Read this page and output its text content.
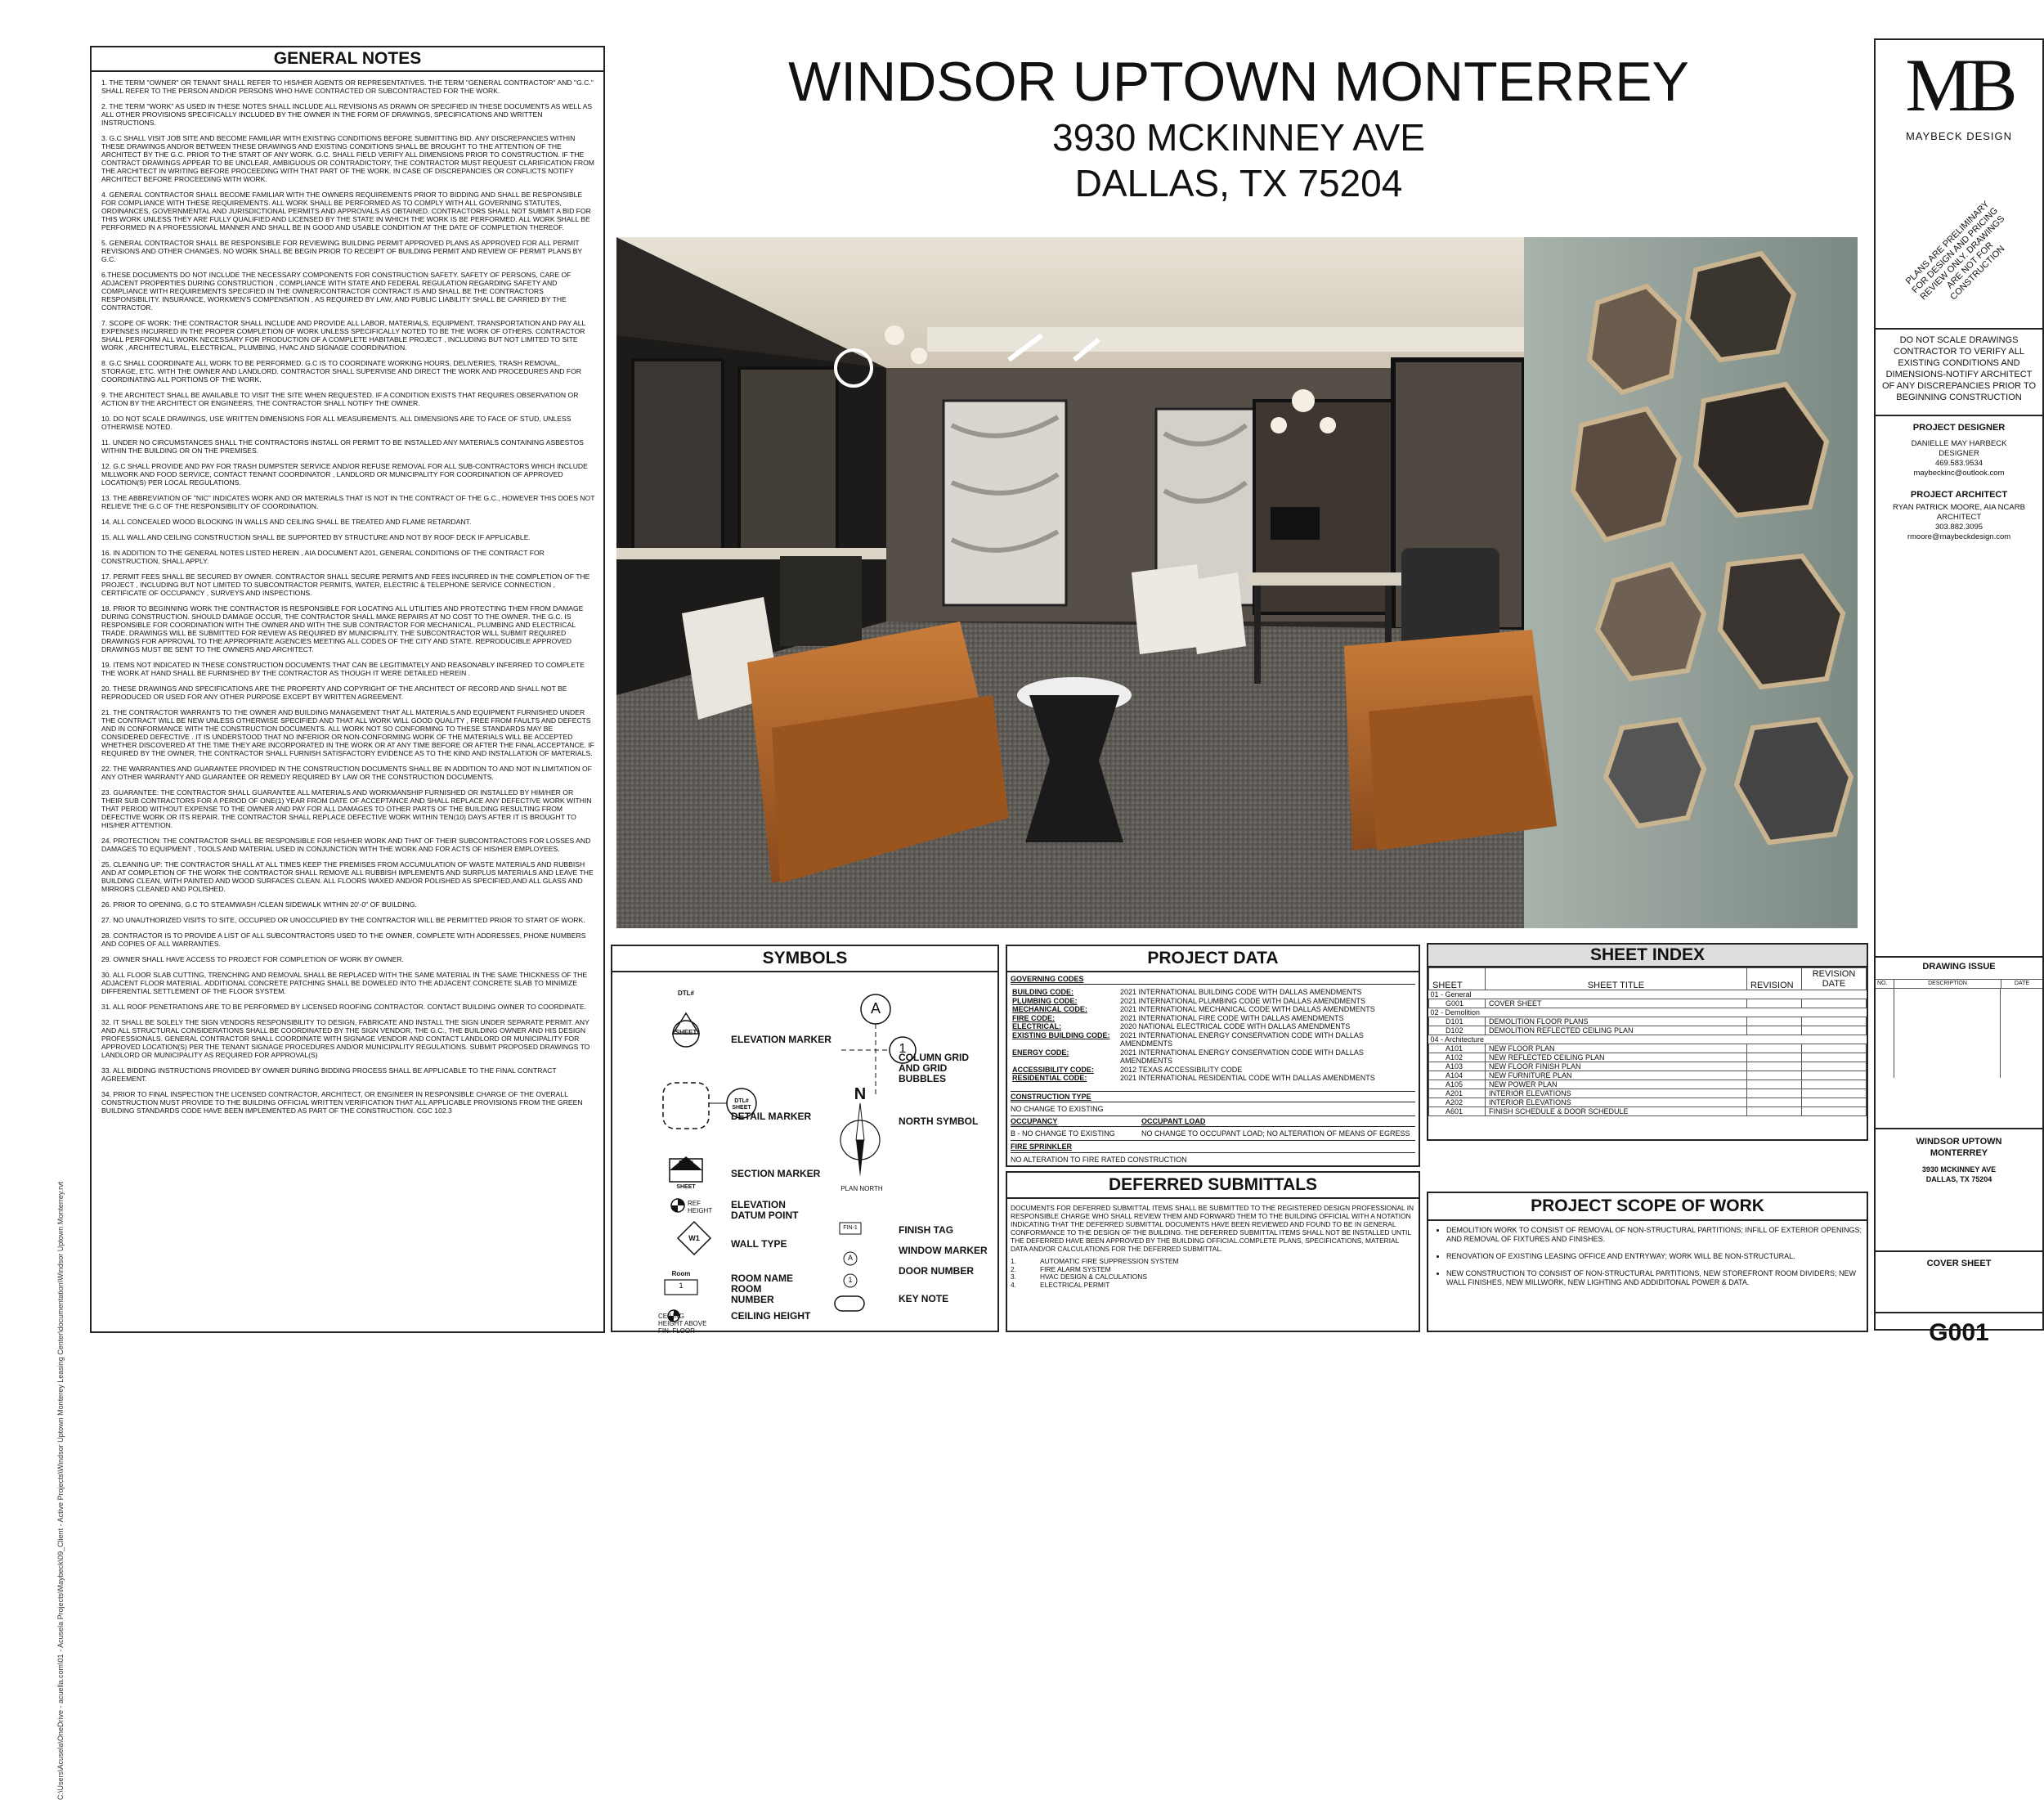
C:\Users\Acusela\OneDrive - acuella.com\01 - Acusela Projects\Maybeck\09_Client - Active Projects\Windsor Uptown Monterey Leasing Center\documentation\Windsor Uptown Monterrey.rvt
GENERAL NOTES

1. THE TERM "OWNER" OR TENANT SHALL REFER TO HIS/HER AGENTS OR REPRESENTATIVES. THE TERM "GENERAL CONTRACTOR" AND "G.C." SHALL REFER TO THE PERSON AND/OR PERSONS WHO HAVE CONTRACTED OR SUBCONTRACTED FOR THE WORK.

2. THE TERM "WORK" AS USED IN THESE NOTES SHALL INCLUDE ALL REVISIONS AS DRAWN OR SPECIFIED IN THESE DOCUMENTS AS WELL AS ALL OTHER PROVISIONS SPECIFICALLY INCLUDED BY THE OWNER IN THE FORM OF DRAWINGS, SPECIFICATIONS AND WRITTEN INSTRUCTIONS.

3. G.C SHALL VISIT JOB SITE AND BECOME FAMILIAR WITH EXISTING CONDITIONS BEFORE SUBMITTING BID. ANY DISCREPANCIES WITHIN THESE DRAWINGS AND/OR BETWEEN THESE DRAWINGS AND EXISTING CONDITIONS SHALL BE BROUGHT TO THE ATTENTION OF THE ARCHITECT BY THE G.C. PRIOR TO THE START OF ANY WORK. G.C. SHALL FIELD VERIFY ALL DIMENSIONS PRIOR TO CONSTRUCTION. IF THE CONTRACT DRAWINGS APPEAR TO BE UNCLEAR, AMBIGUOUS OR CONTRADICTORY, THE CONTRACTOR MUST REQUEST CLARIFICATION FROM THE ARCHITECT IN WRITING BEFORE PROCEEDING WITH THAT PART OF THE WORK. IN CASE OF DISCREPANCIES OR CONFLICTS NOTIFY ARCHITECT BEFORE PROCEEDING WITH WORK.

4. GENERAL CONTRACTOR SHALL BECOME FAMILIAR WITH THE OWNERS REQUIREMENTS PRIOR TO BIDDING AND SHALL BE RESPONSIBLE FOR COMPLIANCE WITH THESE REQUIREMENTS. ALL WORK SHALL BE PERFORMED AS TO COMPLY WITH ALL GOVERNING STATUTES, ORDINANCES, GOVERNMENTAL AND JURISDICTIONAL PERMITS AND APPROVALS AS OBTAINED. CONTRACTORS SHALL NOT SUBMIT A BID FOR THIS WORK UNLESS THEY ARE FULLY QUALIFIED AND LICENSED BY THE STATE IN WHICH THE WORK IS BE PERFORMED. ALL WORK SHALL BE PERFORMED IN A PROFESSIONAL MANNER AND SHALL BE IN GOOD AND USABLE CONDITION AT THE DATE OF COMPLETION THEREOF.

5. GENERAL CONTRACTOR SHALL BE RESPONSIBLE FOR REVIEWING BUILDING PERMIT APPROVED PLANS AS APPROVED FOR ALL PERMIT REVISIONS AND OTHER CHANGES. NO WORK SHALL BE BEGIN PRIOR TO RECEIPT OF BUILDING PERMIT AND REVIEW OF PERMIT PLANS BY G.C.

6.THESE DOCUMENTS DO NOT INCLUDE THE NECESSARY COMPONENTS FOR CONSTRUCTION SAFETY. SAFETY OF PERSONS, CARE OF ADJACENT PROPERTIES DURING CONSTRUCTION , COMPLIANCE WITH STATE AND FEDERAL REGULATION REGARDING SAFETY AND COMPLIANCE WITH REQUIREMENTS SPECIFIED IN THE OWNER/CONTRACTOR CONTRACT IS AND SHALL BE THE CONTRACTORS RESPONSIBILITY. INSURANCE, WORKMEN'S COMPENSATION , AS REQUIRED BY LAW, AND PUBLIC LIABILITY SHALL BE CARRIED BY THE CONTRACTOR.

7. SCOPE OF WORK: THE CONTRACTOR SHALL INCLUDE AND PROVIDE ALL LABOR, MATERIALS, EQUIPMENT, TRANSPORTATION AND PAY ALL EXPENSES INCURRED IN THE PROPER COMPLETION OF WORK UNLESS SPECIFICALLY NOTED TO BE THE WORK OF OTHERS. CONTRACTOR SHALL PERFORM ALL WORK NECESSARY FOR PRODUCTION OF A COMPLETE HABITABLE PROJECT , INCLUDING BUT NOT LIMITED TO SITE WORK , ARCHITECTURAL, ELECTRICAL, PLUMBING, HVAC AND SIGNAGE COORDINATION.

8. G.C SHALL COORDINATE ALL WORK TO BE PERFORMED. G.C IS TO COORDINATE WORKING HOURS, DELIVERIES, TRASH REMOVAL, STORAGE, ETC. WITH THE OWNER AND LANDLORD. CONTRACTOR SHALL SUPERVISE AND DIRECT THE WORK AND PROCEDURES AND FOR COORDINATING ALL PORTIONS OF THE WORK.

9. THE ARCHITECT SHALL BE AVAILABLE TO VISIT THE SITE WHEN REQUESTED. IF A CONDITION EXISTS THAT REQUIRES OBSERVATION OR ACTION BY THE ARCHITECT OR ENGINEERS, THE CONTRACTOR SHALL NOTIFY THE OWNER.

10. DO NOT SCALE DRAWINGS, USE WRITTEN DIMENSIONS FOR ALL MEASUREMENTS. ALL DIMENSIONS ARE TO FACE OF STUD, UNLESS OTHERWISE NOTED.

11. UNDER NO CIRCUMSTANCES SHALL THE CONTRACTORS INSTALL OR PERMIT TO BE INSTALLED ANY MATERIALS CONTAINING ASBESTOS WITHIN THE BUILDING OR ON THE PREMISES.

12. G.C SHALL PROVIDE AND PAY FOR TRASH DUMPSTER SERVICE AND/OR REFUSE REMOVAL FOR ALL SUB-CONTRACTORS WHICH INCLUDE MILLWORK AND FOOD SERVICE, CONTACT TENANT COORDINATOR , LANDLORD OR MUNICIPALITY FOR COORDINATION OF APPROVED LOCATION(S) PER LOCAL REGULATIONS.

13. THE ABBREVIATION OF "NIC" INDICATES WORK AND OR MATERIALS THAT IS NOT IN THE CONTRACT OF THE G.C., HOWEVER THIS DOES NOT RELIEVE THE G.C OF THE RESPONSIBILITY OF COORDINATION.

14. ALL CONCEALED WOOD BLOCKING IN WALLS AND CEILING SHALL BE TREATED AND FLAME RETARDANT.

15. ALL WALL AND CEILING CONSTRUCTION SHALL BE SUPPORTED BY STRUCTURE AND NOT BY ROOF DECK IF APPLICABLE.

16. IN ADDITION TO THE GENERAL NOTES LISTED HEREIN , AIA DOCUMENT A201, GENERAL CONDITIONS OF THE CONTRACT FOR CONSTRUCTION, SHALL APPLY.

17. PERMIT FEES SHALL BE SECURED BY OWNER. CONTRACTOR SHALL SECURE PERMITS AND FEES INCURRED IN THE COMPLETION OF THE PROJECT , INCLUDING BUT NOT LIMITED TO SUBCONTRACTOR PERMITS, WATER, ELECTRIC & TELEPHONE SERVICE CONNECTION , CERTIFICATE OF OCCUPANCY , SURVEYS AND INSPECTIONS.

18. PRIOR TO BEGINNING WORK THE CONTRACTOR IS RESPONSIBLE FOR LOCATING ALL UTILITIES AND PROTECTING THEM FROM DAMAGE DURING CONSTRUCTION. SHOULD DAMAGE OCCUR, THE CONTRACTOR SHALL MAKE REPAIRS AT NO COST TO THE OWNER. THE G.C. IS RESPONSIBLE FOR COORDINATION WITH THE OWNER AND WITH THE SUB CONTRACTOR FOR MECHANICAL, PLUMBING AND ELECTRICAL TRADE. DRAWINGS WILL BE SUBMITTED FOR REVIEW AS REQUIRED BY MUNICIPALITY. THE SUBCONTRACTOR WILL SUBMIT REQUIRED DRAWINGS FOR APPROVAL TO THE APPROPRIATE AGENCIES MEETING ALL CODES OF THE CITY AND STATE. REPRODUCIBLE APPROVED DRAWINGS MUST BE SENT TO THE OWNERS AND ARCHITECT.

19. ITEMS NOT INDICATED IN THESE CONSTRUCTION DOCUMENTS THAT CAN BE LEGITIMATELY AND REASONABLY INFERRED TO COMPLETE THE WORK AT HAND SHALL BE FURNISHED BY THE CONTRACTOR AS THOUGH IT WERE DETAILED HEREIN .

20. THESE DRAWINGS AND SPECIFICATIONS ARE THE PROPERTY AND COPYRIGHT OF THE ARCHITECT OF RECORD AND SHALL NOT BE REPRODUCED OR USED FOR ANY OTHER PURPOSE EXCEPT BY WRITTEN AGREEMENT.

21. THE CONTRACTOR WARRANTS TO THE OWNER AND BUILDING MANAGEMENT THAT ALL MATERIALS AND EQUIPMENT FURNISHED UNDER THE CONTRACT WILL BE NEW UNLESS OTHERWISE SPECIFIED AND THAT ALL WORK WILL GOOD QUALITY , FREE FROM FAULTS AND DEFECTS AND IN CONFORMANCE WITH THE CONSTRUCTION DOCUMENTS. ALL WORK NOT SO CONFORMING TO THESE STANDARDS MAY BE CONSIDERED DEFECTIVE . IT IS UNDERSTOOD THAT NO INFERIOR OR NON-CONFORMING WORK OF THE MATERIALS WILL BE ACCEPTED WHETHER DISCOVERED AT THE TIME THEY ARE INCORPORATED IN THE WORK OR AT ANY TIME BEFORE OR AFTER THE FINAL ACCEPTANCE. IF REQUIRED BY THE OWNER, THE CONTRACTOR SHALL FURNISH SATISFACTORY EVIDENCE AS TO THE KIND AND INSTALLATION OF MATERIALS.

22. THE WARRANTIES AND GUARANTEE PROVIDED IN THE CONSTRUCTION DOCUMENTS SHALL BE IN ADDITION TO AND NOT IN LIMITATION OF ANY OTHER WARRANTY AND GUARANTEE OR REMEDY REQUIRED BY LAW OR THE CONSTRUCTION DOCUMENTS.

23. GUARANTEE: THE CONTRACTOR SHALL GUARANTEE ALL MATERIALS AND WORKMANSHIP FURNISHED OR INSTALLED BY HIM/HER OR THEIR SUB CONTRACTORS FOR A PERIOD OF ONE(1) YEAR FROM DATE OF ACCEPTANCE AND SHALL REPLACE ANY DEFECTIVE WORK WITHIN THAT PERIOD WITHOUT EXPENSE TO THE OWNER AND PAY FOR ALL DAMAGES TO OTHER PARTS OF THE BUILDING RESULTING FROM DEFECTIVE WORK OR ITS REPAIR. THE CONTRACTOR SHALL REPLACE DEFECTIVE WORK WITHIN TEN(10) DAYS AFTER IT IS BROUGHT TO HIS/HER ATTENTION.

24. PROTECTION: THE CONTRACTOR SHALL BE RESPONSIBLE FOR HIS/HER WORK AND THAT OF THEIR SUBCONTRACTORS FOR LOSSES AND DAMAGES TO EQUIPMENT , TOOLS AND MATERIAL USED IN CONJUNCTION WITH THE WORK AND FOR ACTS OF HIS/HER EMPLOYEES.

25. CLEANING UP: THE CONTRACTOR SHALL AT ALL TIMES KEEP THE PREMISES FROM ACCUMULATION OF WASTE MATERIALS AND RUBBISH AND AT COMPLETION OF THE WORK THE CONTRACTOR SHALL REMOVE ALL RUBBISH IMPLEMENTS AND SURPLUS MATERIALS AND LEAVE THE BUILDING CLEAN, WITH PAINTED AND WOOD SURFACES CLEAN. ALL FLOORS WAXED AND/OR POLISHED AS SPECIFIED,AND ALL GLASS AND MIRRORS CLEANED AND POLISHED.

26. PRIOR TO OPENING, G.C TO STEAMWASH /CLEAN SIDEWALK WITHIN 20'-0" OF BUILDING.

27. NO UNAUTHORIZED VISITS TO SITE, OCCUPIED OR UNOCCUPIED BY THE CONTRACTOR WILL BE PERMITTED PRIOR TO START OF WORK.

28. CONTRACTOR IS TO PROVIDE A LIST OF ALL SUBCONTRACTORS USED TO THE OWNER, COMPLETE WITH ADDRESSES, PHONE NUMBERS AND COPIES OF ALL WARRANTIES.

29. OWNER SHALL HAVE ACCESS TO PROJECT FOR COMPLETION OF WORK BY OWNER.

30. ALL FLOOR SLAB CUTTING, TRENCHING AND REMOVAL SHALL BE REPLACED WITH THE SAME MATERIAL IN THE SAME THICKNESS OF THE ADJACENT FLOOR MATERIAL. ADDITIONAL CONCRETE PATCHING SHALL BE DOWELED INTO THE ADJACENT CONCRETE SLAB TO MINIMIZE DIFFERENTIAL SETTLEMENT OF THE FLOOR SYSTEM.

31. ALL ROOF PENETRATIONS ARE TO BE PERFORMED BY LICENSED ROOFING CONTRACTOR. CONTACT BUILDING OWNER TO COORDINATE.

32. IT SHALL BE SOLELY THE SIGN VENDORS RESPONSIBILITY TO DESIGN, FABRICATE AND INSTALL THE SIGN UNDER SEPARATE PERMIT. ANY AND ALL STRUCTURAL CONSIDERATIONS SHALL BE COORDINATED BY THE SIGN VENDOR, THE G.C., THE BUILDING OWNER AND HIS DESIGN PROFESSIONALS. GENERAL CONTRACTOR SHALL COORDINATE WITH SIGNAGE VENDOR AND CONTACT LANDLORD OR MUNICIPALITY FOR APPROVED LOCATION(S) PER THE TENANT SIGNAGE PROCEDURES AND/OR MUNICIPALITY REGULATIONS. SUBMIT PROPOSED DRAWINGS TO LANDLORD OR MUNICIPALITY AS REQUIRED FOR APPROVAL(S)

33. ALL BIDDING INSTRUCTIONS PROVIDED BY OWNER DURING BIDDING PROCESS SHALL BE APPLICABLE TO THE FINAL CONTRACT AGREEMENT.

34. PRIOR TO FINAL INSPECTION THE LICENSED CONTRACTOR, ARCHITECT, OR ENGINEER IN RESPONSIBLE CHARGE OF THE OVERALL CONSTRUCTION MUST PROVIDE TO THE BUILDING OFFICIAL WRITTEN VERIFICATION THAT ALL APPLICABLE PROVISIONS FROM THE GREEN BUILDING STANDARDS CODE HAVE BEEN IMPLEMENTED AS PART OF THE CONSTRUCTION. CGC 102.3

WINDSOR UPTOWN MONTERREY
3930 MCKINNEY AVE
DALLAS, TX 75204
MB
MAYBECK DESIGN
PLANS ARE PRELIMINARY FOR DESIGN AND PRICING REVIEW ONLY. DRAWINGS ARE NOT FOR CONSTRUCTION
DO NOT SCALE DRAWINGS CONTRACTOR TO VERIFY ALL EXISTING CONDITIONS AND DIMENSIONS-NOTIFY ARCHITECT OF ANY DISCREPANCIES PRIOR TO BEGINNING CONSTRUCTION
PROJECT DESIGNER
DANIELLE MAY HARBECK
DESIGNER
469.583.9534
maybeckinc@outlook.com
PROJECT ARCHITECT
RYAN PATRICK MOORE, AIA NCARB
ARCHITECT
303.882.3095
rmoore@maybeckdesign.com
DRAWING ISSUE
NO.	DESCRIPTION	DATE
WINDSOR UPTOWN
MONTERREY
3930 MCKINNEY AVE
DALLAS, TX 75204
COVER SHEET
G001
SYMBOLS
DTL#
SHEET
DTL#
SHEET
DTL#
SHEET
REF
HEIGHT
W1
Room
1
CEILING
HEIGHT ABOVE
FIN. FLOOR
A
1
N
PLAN NORTH
FIN-1
A
1
ELEVATION MARKER
DETAIL MARKER
SECTION MARKER
ELEVATION DATUM POINT
WALL TYPE
ROOM NAME ROOM NUMBER
CEILING HEIGHT
COLUMN GRID AND GRID BUBBLES
NORTH SYMBOL
FINISH TAG
WINDOW MARKER
DOOR NUMBER
KEY NOTE
PROJECT DATA
GOVERNING CODES
BUILDING CODE:	2021 INTERNATIONAL BUILDING CODE WITH DALLAS AMENDMENTS
PLUMBING CODE:	2021 INTERNATIONAL PLUMBING CODE WITH DALLAS AMENDMENTS
MECHANICAL CODE:	2021 INTERNATIONAL MECHANICAL CODE WITH DALLAS AMENDMENTS
FIRE CODE:	2021 INTERNATIONAL FIRE CODE WITH DALLAS AMENDMENTS
ELECTRICAL:	2020 NATIONAL ELECTRICAL CODE WITH DALLAS AMENDMENTS
EXISTING BUILDING CODE:	2021 INTERNATIONAL ENERGY CONSERVATION CODE WITH DALLAS AMENDMENTS
ENERGY CODE:	2021 INTERNATIONAL ENERGY CONSERVATION CODE WITH DALLAS AMENDMENTS
ACCESSIBILITY CODE:	2012 TEXAS ACCESSIBILITY CODE
RESIDENTIAL CODE:	2021 INTERNATIONAL RESIDENTIAL CODE WITH DALLAS AMENDMENTS
CONSTRUCTION TYPE
NO CHANGE TO EXISTING
OCCUPANCY	OCCUPANT LOAD
B - NO CHANGE TO EXISTING	NO CHANGE TO OCCUPANT LOAD; NO ALTERATION OF MEANS OF EGRESS
FIRE SPRINKLER
NO ALTERATION TO FIRE RATED CONSTRUCTION
DEFERRED SUBMITTALS
DOCUMENTS FOR DEFERRED SUBMITTAL ITEMS SHALL BE SUBMITTED TO THE REGISTERED DESIGN PROFESSIONAL IN RESPONSIBLE CHARGE WHO SHALL REVIEW THEM AND FORWARD THEM TO THE BUILDING OFFICIAL WITH A NOTATION INDICATING THAT THE DEFERRED SUBMITTAL DOCUMENTS HAVE BEEN REVIEWED AND FOUND TO BE IN GENERAL CONFORMANCE TO THE DESIGN OF THE BUILDING. THE DEFERRED SUBMITTAL ITEMS SHALL NOT BE INSTALLED UNTIL THE DEFERRED HAVE BEEN APPROVED BY THE BUILDING OFFICIAL.COMPLETE PLANS, SPECIFICATIONS, MATERIAL DATA AND/OR CALCULATIONS FOR THE DEFERRED SUBMITTAL.
1.	AUTOMATIC FIRE SUPPRESSION SYSTEM
2.	FIRE ALARM SYSTEM
3.	HVAC DESIGN & CALCULATIONS
4.	ELECTRICAL PERMIT
SHEET INDEX
SHEET	SHEET TITLE	REVISION	REVISION DATE
01 - General			
G001	COVER SHEET		
02 - Demolition			
D101	DEMOLITION FLOOR PLANS		
D102	DEMOLITION REFLECTED CEILING PLAN		
04 - Architecture			
A101	NEW FLOOR PLAN		
A102	NEW REFLECTED CEILING PLAN		
A103	NEW FLOOR FINISH PLAN		
A104	NEW FURNITURE PLAN		
A105	NEW POWER PLAN		
A201	INTERIOR ELEVATIONS		
A202	INTERIOR ELEVATIONS		
A601	FINISH SCHEDULE & DOOR SCHEDULE		
PROJECT SCOPE OF WORK
• DEMOLITION WORK TO CONSIST OF REMOVAL OF NON-STRUCTURAL PARTITIONS; INFILL OF EXTERIOR OPENINGS; AND REMOVAL OF FIXTURES AND FINISHES.
• RENOVATION OF EXISTING LEASING OFFICE AND ENTRYWAY; WORK WILL BE NON-STRUCTURAL.
• NEW CONSTRUCTION TO CONSIST OF NON-STRUCTURAL PARTITIONS, NEW STOREFRONT ROOM DIVIDERS; NEW WALL FINISHES, NEW MILLWORK, NEW LIGHTING AND ADDIDITONAL POWER & DATA.
